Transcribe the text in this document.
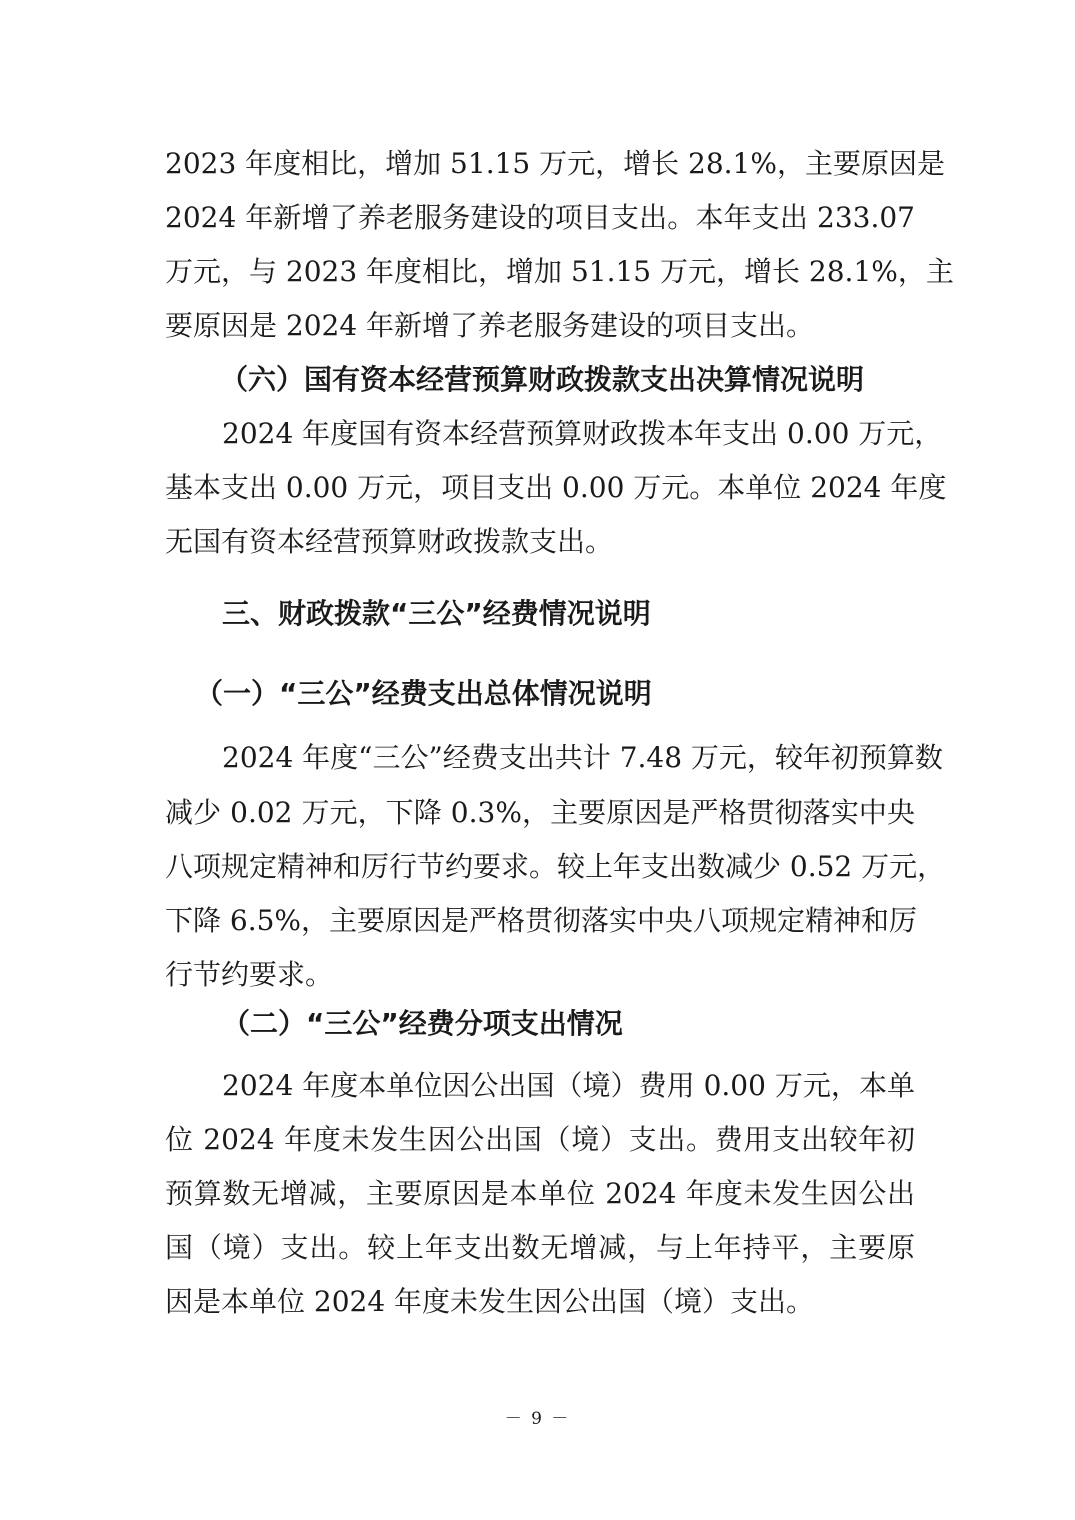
2023 年度相比，增加 51.15 万元，增长 28.1%，主要原因是
2024 年新增了养老服务建设的项目支出。本年支出 233.07
万元，与 2023 年度相比，增加 51.15 万元，增长 28.1%，主
要原因是 2024 年新增了养老服务建设的项目支出。
（六）国有资本经营预算财政拨款支出决算情况说明
2024 年度国有资本经营预算财政拨本年支出 0.00 万元，
基本支出 0.00 万元，项目支出 0.00 万元。本单位 2024 年度
无国有资本经营预算财政拨款支出。
三、财政拨款“三公”经费情况说明
（一）“三公”经费支出总体情况说明
2024 年度“三公”经费支出共计 7.48 万元，较年初预算数
减少 0.02 万元，下降 0.3%，主要原因是严格贯彻落实中央
八项规定精神和厉行节约要求。较上年支出数减少 0.52 万元，
下降 6.5%，主要原因是严格贯彻落实中央八项规定精神和厉
行节约要求。
（二）“三公”经费分项支出情况
2024 年度本单位因公出国（境）费用 0.00 万元，本单
位 2024 年度未发生因公出国（境）支出。费用支出较年初
预算数无增减，主要原因是本单位 2024 年度未发生因公出
国（境）支出。较上年支出数无增减，与上年持平，主要原
因是本单位 2024 年度未发生因公出国（境）支出。
－ 9 －
